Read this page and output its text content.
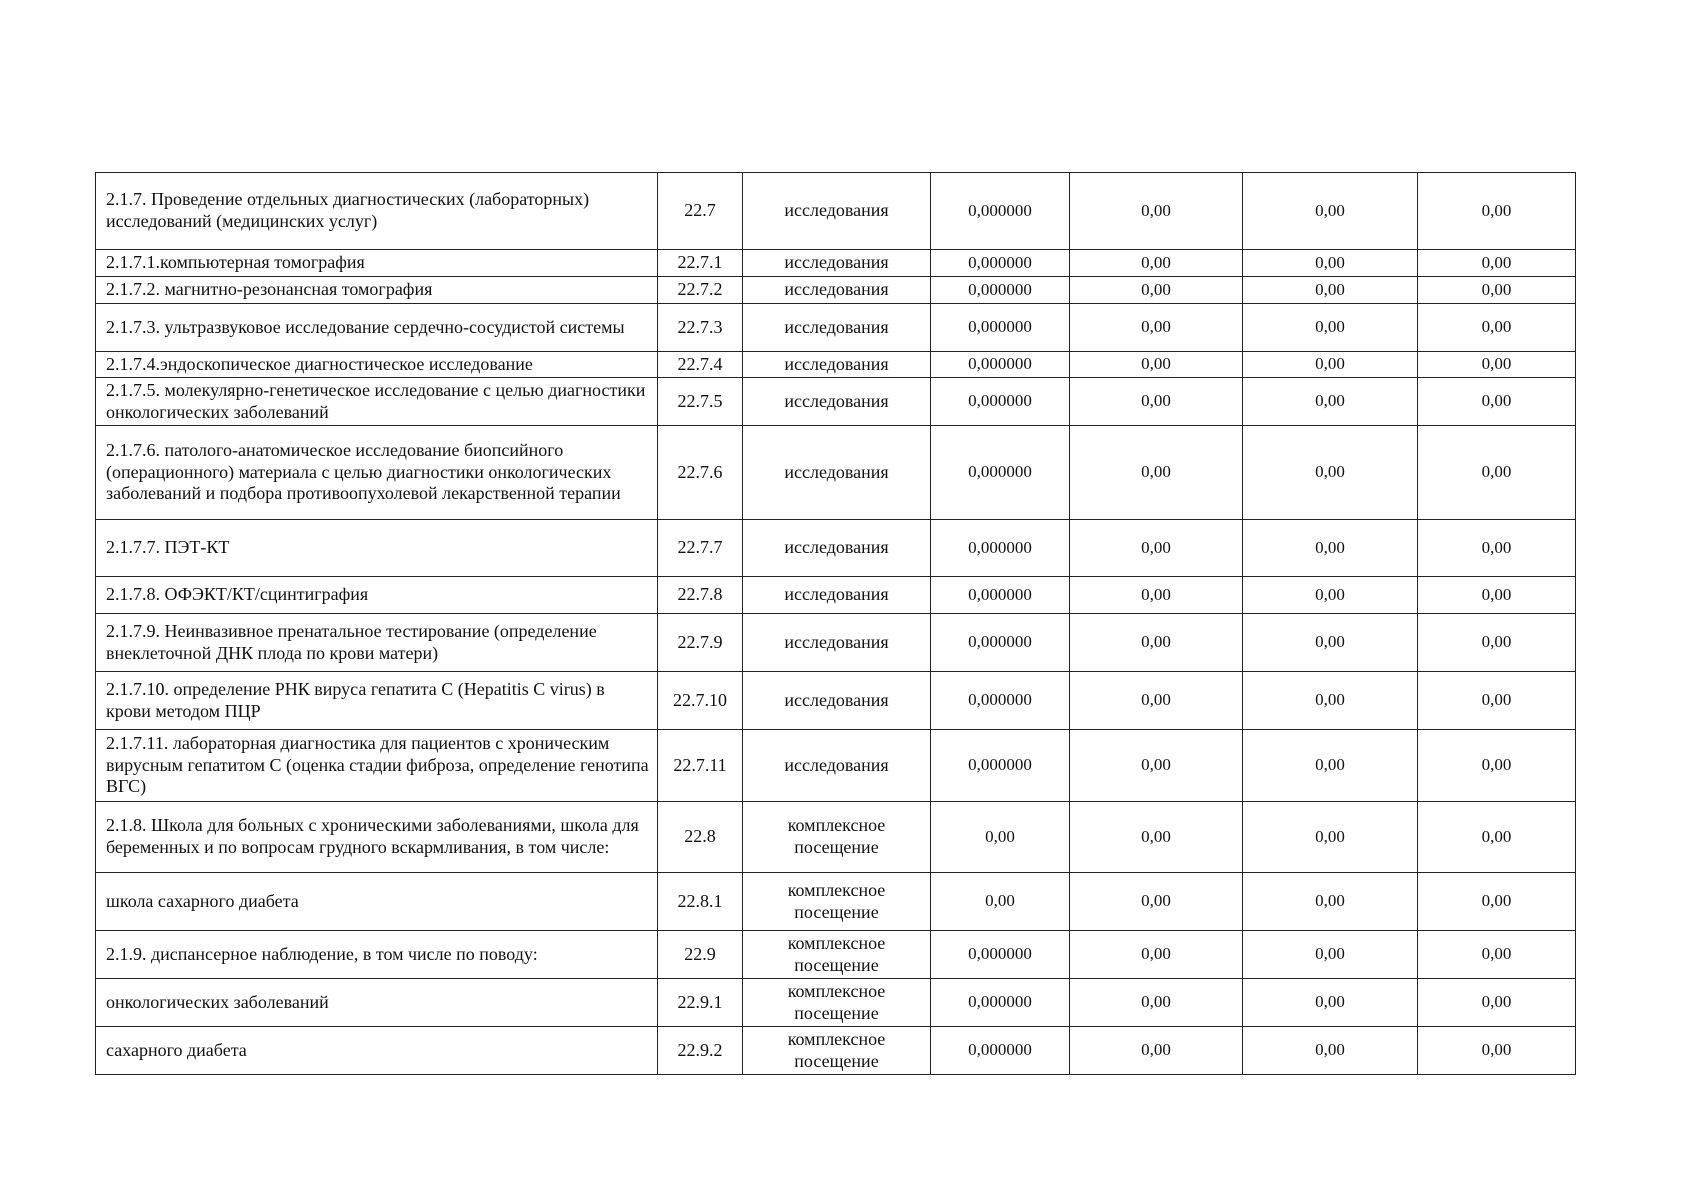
2.1.7. Проведение отдельных диагностических (лабораторных) исследований (медицинских услуг)	22.7	исследования	0,000000	0,00	0,00	0,00
2.1.7.1.компьютерная томография	22.7.1	исследования	0,000000	0,00	0,00	0,00
2.1.7.2. магнитно-резонансная томография	22.7.2	исследования	0,000000	0,00	0,00	0,00
2.1.7.3. ультразвуковое исследование сердечно-сосудистой системы	22.7.3	исследования	0,000000	0,00	0,00	0,00
2.1.7.4.эндоскопическое диагностическое исследование	22.7.4	исследования	0,000000	0,00	0,00	0,00
2.1.7.5. молекулярно-генетическое исследование с целью диагностики онкологических заболеваний	22.7.5	исследования	0,000000	0,00	0,00	0,00
2.1.7.6. патолого-анатомическое исследование биопсийного (операционного) материала с целью диагностики онкологических заболеваний и подбора противоопухолевой лекарственной терапии	22.7.6	исследования	0,000000	0,00	0,00	0,00
2.1.7.7. ПЭТ-КТ	22.7.7	исследования	0,000000	0,00	0,00	0,00
2.1.7.8. ОФЭКТ/КТ/сцинтиграфия	22.7.8	исследования	0,000000	0,00	0,00	0,00
2.1.7.9. Неинвазивное пренатальное тестирование (определение внеклеточной ДНК плода по крови матери)	22.7.9	исследования	0,000000	0,00	0,00	0,00
2.1.7.10. определение РНК вируса гепатита С (Hepatitis С virus) в крови методом ПЦР	22.7.10	исследования	0,000000	0,00	0,00	0,00
2.1.7.11. лабораторная диагностика для пациентов с хроническим вирусным гепатитом С (оценка стадии фиброза, определение генотипа ВГС)	22.7.11	исследования	0,000000	0,00	0,00	0,00
2.1.8. Школа для больных с хроническими заболеваниями, школа для беременных и по вопросам грудного вскармливания, в том числе:	22.8	комплексное посещение	0,00	0,00	0,00	0,00
школа сахарного диабета	22.8.1	комплексное посещение	0,00	0,00	0,00	0,00
2.1.9. диспансерное наблюдение, в том числе по поводу:	22.9	комплексное посещение	0,000000	0,00	0,00	0,00
онкологических заболеваний	22.9.1	комплексное посещение	0,000000	0,00	0,00	0,00
сахарного диабета	22.9.2	комплексное посещение	0,000000	0,00	0,00	0,00
